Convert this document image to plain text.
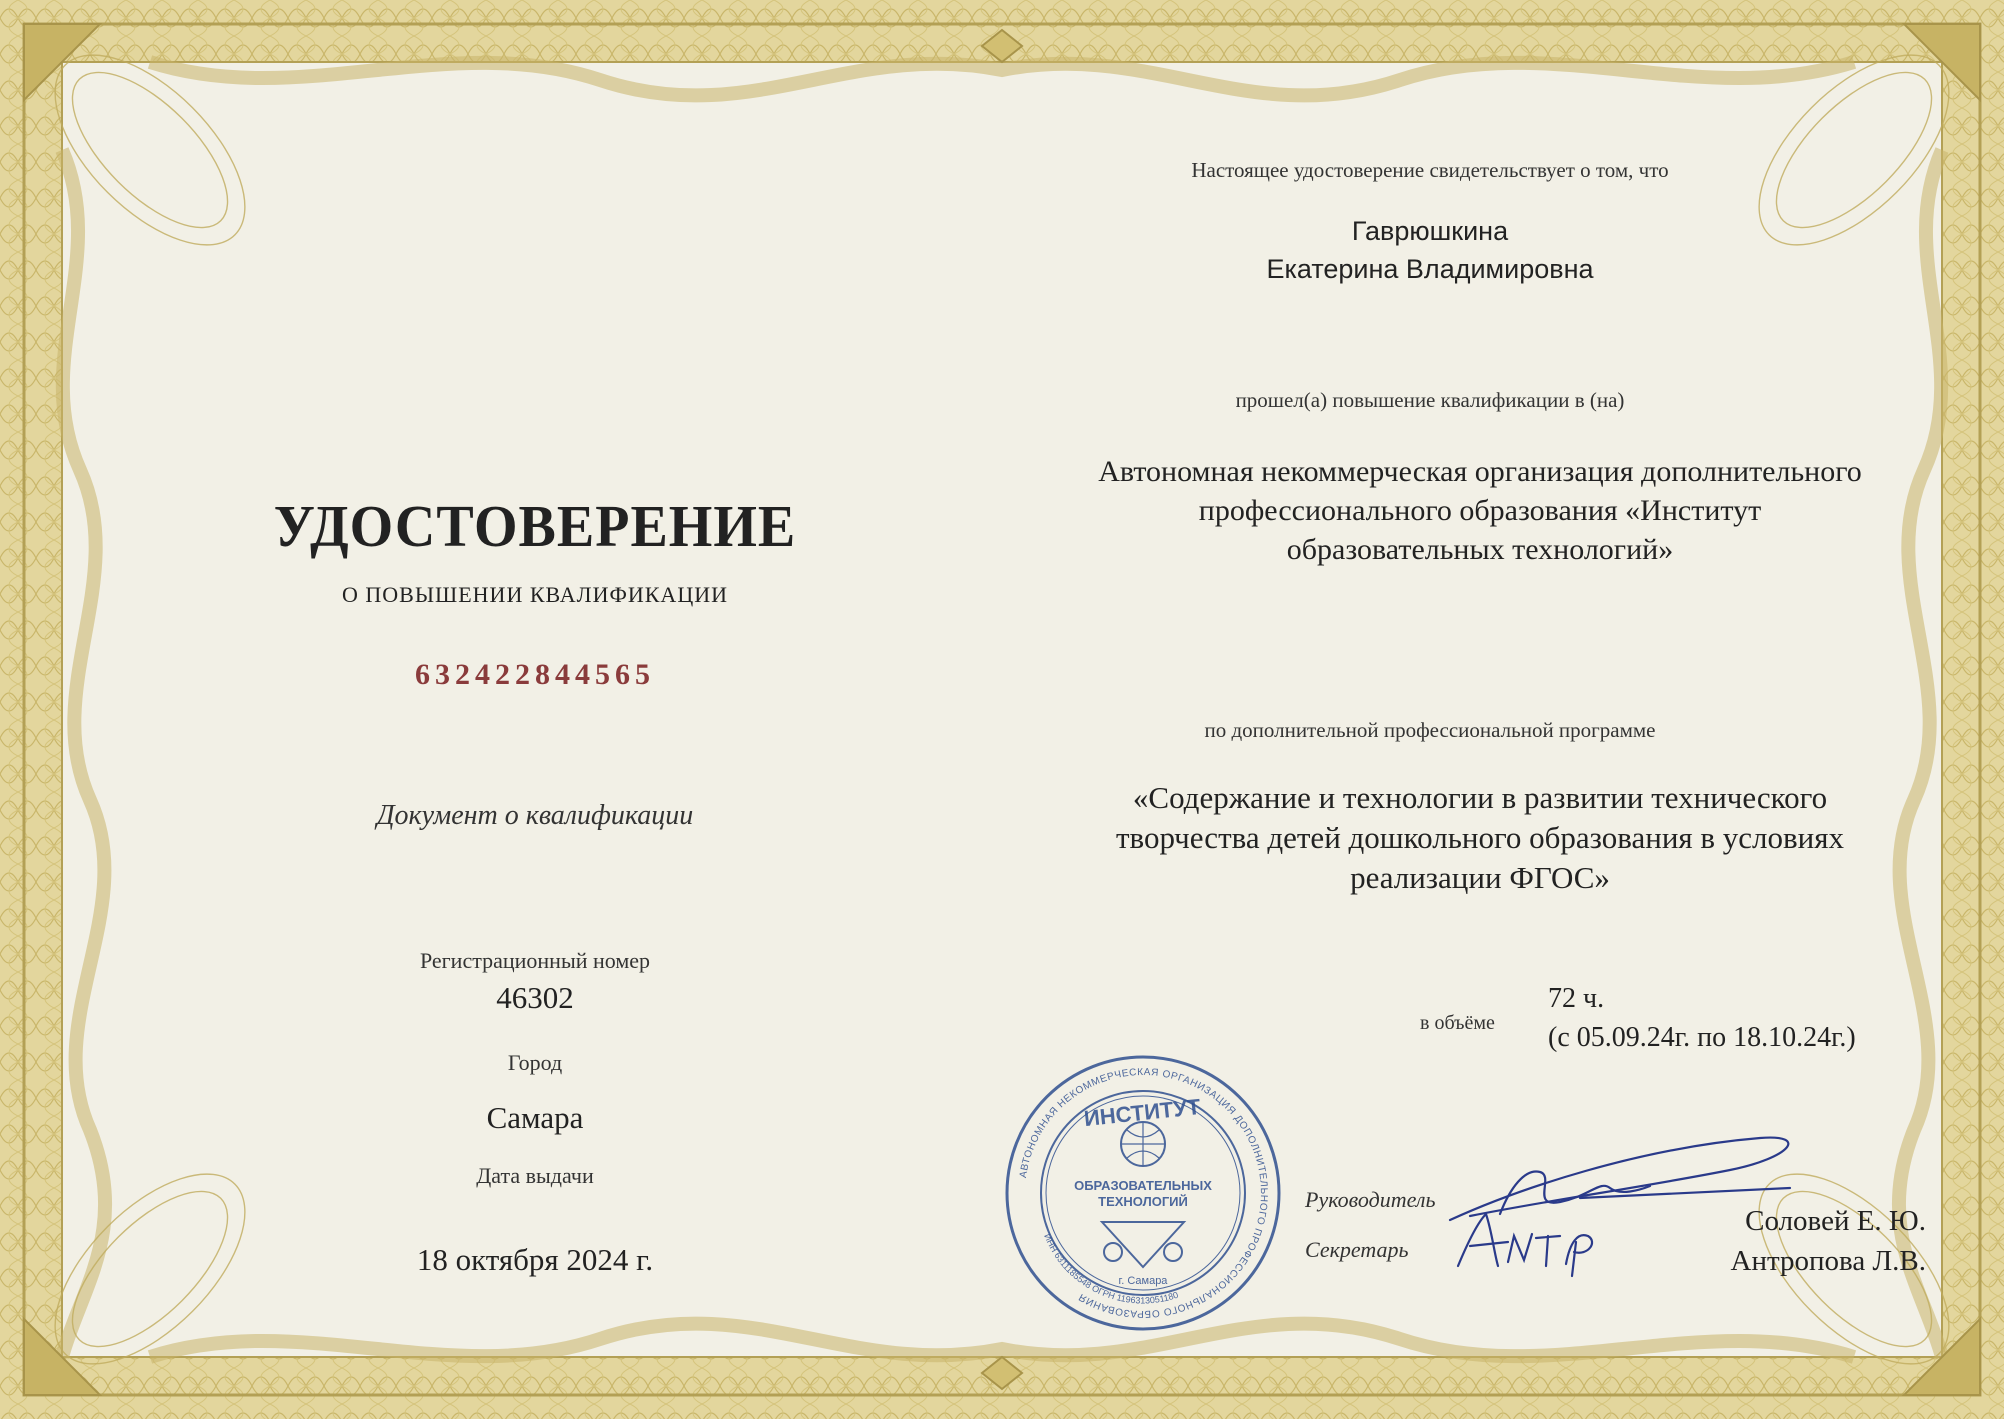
УДОСТОВЕРЕНИЕ
О ПОВЫШЕНИИ КВАЛИФИКАЦИИ
632422844565
Документ о квалификации
Регистрационный номер
46302
Город
Самара
Дата выдачи
18 октября 2024 г.
Настоящее удостоверение свидетельствует о том, что
Гаврюшкина
Екатерина Владимировна
прошел(а) повышение квалификации в (на)
Автономная некоммерческая организация дополнительного
профессионального образования «Институт
образовательных технологий»
по дополнительной профессиональной программе
«Содержание и технологии в развитии технического
творчества детей дошкольного образования в условиях
реализации ФГОС»
в объёме
72 ч.
(с 05.09.24г. по 18.10.24г.)
Руководитель
Секретарь
Соловей Е. Ю.
Антропова Л.В.
АВТОНОМНАЯ НЕКОММЕРЧЕСКАЯ ОРГАНИЗАЦИЯ ДОПОЛНИТЕЛЬНОГО ПРОФЕССИОНАЛЬНОГО ОБРАЗОВАНИЯ
ИНН 6311185548 ОГРН 1196313051180
ИНСТИТУТ
ОБРАЗОВАТЕЛЬНЫХ
ТЕХНОЛОГИЙ
г. Самара
